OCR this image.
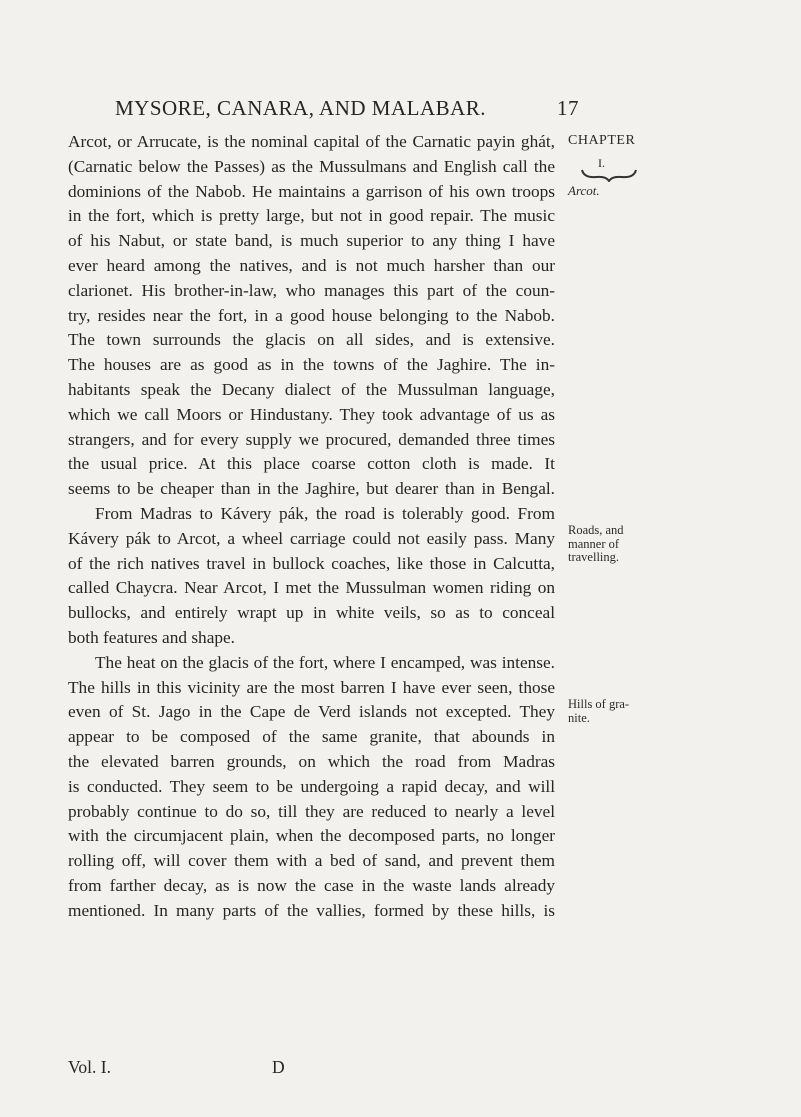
MYSORE, CANARA, AND MALABAR.	17
CHAPTER
I.
Arcot.
Roads, and manner of travelling.
Hills of gra-nite.
Arcot, or Arrucate, is the nominal capital of the Carnatic payin ghát,
(Carnatic below the Passes) as the Mussulmans and English call the
dominions of the Nabob. He maintains a garrison of his own troops
in the fort, which is pretty large, but not in good repair. The music
of his Nabut, or state band, is much superior to any thing I have
ever heard among the natives, and is not much harsher than our
clarionet. His brother-in-law, who manages this part of the coun-
try, resides near the fort, in a good house belonging to the Nabob.
The town surrounds the glacis on all sides, and is extensive.
The houses are as good as in the towns of the Jaghire. The in-
habitants speak the Decany dialect of the Mussulman language,
which we call Moors or Hindustany. They took advantage of us as
strangers, and for every supply we procured, demanded three times
the usual price. At this place coarse cotton cloth is made. It
seems to be cheaper than in the Jaghire, but dearer than in Bengal.
From Madras to Kávery pák, the road is tolerably good. From
Kávery pák to Arcot, a wheel carriage could not easily pass. Many
of the rich natives travel in bullock coaches, like those in Calcutta,
called Chaycra. Near Arcot, I met the Mussulman women riding on
bullocks, and entirely wrapt up in white veils, so as to conceal
both features and shape.
The heat on the glacis of the fort, where I encamped, was intense.
The hills in this vicinity are the most barren I have ever seen, those
even of St. Jago in the Cape de Verd islands not excepted. They
appear to be composed of the same granite, that abounds in
the elevated barren grounds, on which the road from Madras
is conducted. They seem to be undergoing a rapid decay, and will
probably continue to do so, till they are reduced to nearly a level
with the circumjacent plain, when the decomposed parts, no longer
rolling off, will cover them with a bed of sand, and prevent them
from farther decay, as is now the case in the waste lands already
mentioned. In many parts of the vallies, formed by these hills, is
Vol. I.	D
